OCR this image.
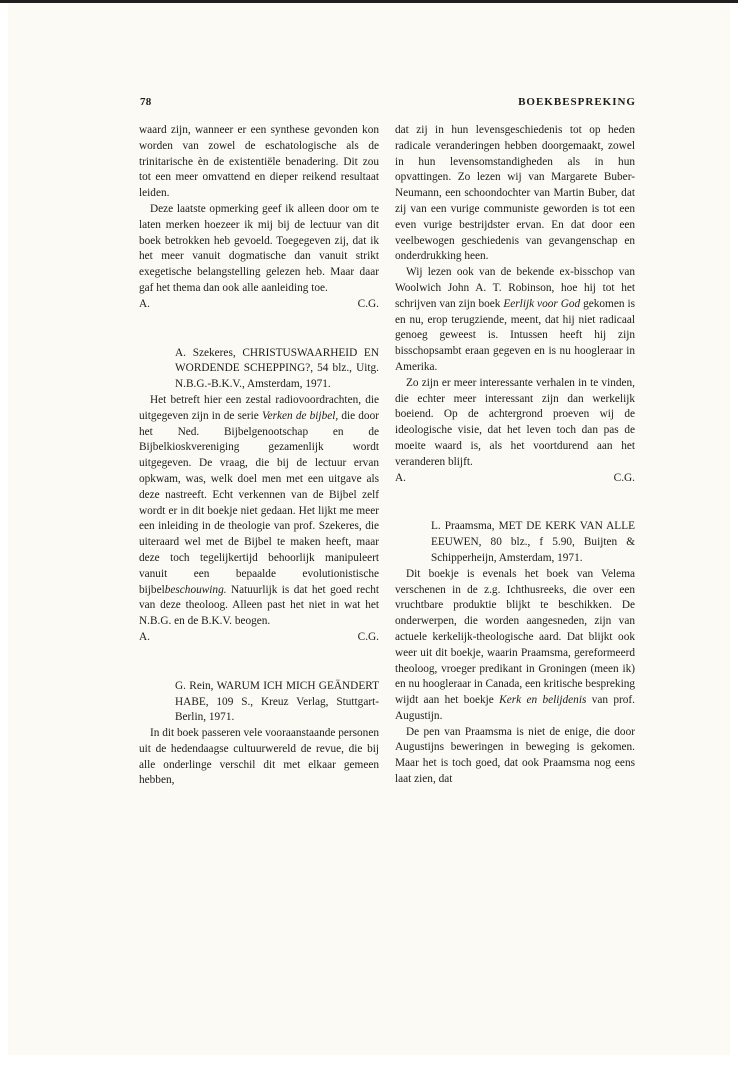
78	BOEKBESPREKING

waard zijn, wanneer er een synthese gevonden kon worden van zowel de eschatologische als de trinitarische èn de existentiële benadering. Dit zou tot een meer omvattend en dieper reikend resultaat leiden.

Deze laatste opmerking geef ik alleen door om te laten merken hoezeer ik mij bij de lectuur van dit boek betrokken heb gevoeld. Toegegeven zij, dat ik het meer vanuit dogmatische dan vanuit strikt exegetische belangstelling gelezen heb. Maar daar gaf het thema dan ook alle aanleiding toe.

A.	C.G.

A. Szekeres, CHRISTUSWAARHEID EN WORDENDE SCHEPPING?, 54 blz., Uitg. N.B.G.-B.K.V., Amsterdam, 1971.

Het betreft hier een zestal radiovoordrachten, die uitgegeven zijn in de serie Verken de bijbel, die door het Ned. Bijbelgenootschap en de Bijbelkioskvereniging gezamenlijk wordt uitgegeven. De vraag, die bij de lectuur ervan opkwam, was, welk doel men met een uitgave als deze nastreeft. Echt verkennen van de Bijbel zelf wordt er in dit boekje niet gedaan. Het lijkt me meer een inleiding in de theologie van prof. Szekeres, die uiteraard wel met de Bijbel te maken heeft, maar deze toch tegelijkertijd behoorlijk manipuleert vanuit een bepaalde evolutionistische bijbelbeschouwing. Natuurlijk is dat het goed recht van deze theoloog. Alleen past het niet in wat het N.B.G. en de B.K.V. beogen.

A.	C.G.

G. Rein, WARUM ICH MICH GEÄNDERT HABE, 109 S., Kreuz Verlag, Stuttgart-Berlin, 1971.

In dit boek passeren vele vooraanstaande personen uit de hedendaagse cultuurwereld de revue, die bij alle onderlinge verschil dit met elkaar gemeen hebben,

dat zij in hun levensgeschiedenis tot op heden radicale veranderingen hebben doorgemaakt, zowel in hun levensomstandigheden als in hun opvattingen. Zo lezen wij van Margarete Buber-Neumann, een schoondochter van Martin Buber, dat zij van een vurige communiste geworden is tot een even vurige bestrijdster ervan. En dat door een veelbewogen geschiedenis van gevangenschap en onderdrukking heen.

Wij lezen ook van de bekende ex-bisschop van Woolwich John A. T. Robinson, hoe hij tot het schrijven van zijn boek Eerlijk voor God gekomen is en nu, erop terugziende, meent, dat hij niet radicaal genoeg geweest is. Intussen heeft hij zijn bisschopsambt eraan gegeven en is nu hoogleraar in Amerika.

Zo zijn er meer interessante verhalen in te vinden, die echter meer interessant zijn dan werkelijk boeiend. Op de achtergrond proeven wij de ideologische visie, dat het leven toch dan pas de moeite waard is, als het voortdurend aan het veranderen blijft.

A.	C.G.

L. Praamsma, MET DE KERK VAN ALLE EEUWEN, 80 blz., f 5.90, Buijten & Schipperheijn, Amsterdam, 1971.

Dit boekje is evenals het boek van Velema verschenen in de z.g. Ichthusreeks, die over een vruchtbare produktie blijkt te beschikken. De onderwerpen, die worden aangesneden, zijn van actuele kerkelijk-theologische aard. Dat blijkt ook weer uit dit boekje, waarin Praamsma, gereformeerd theoloog, vroeger predikant in Groningen (meen ik) en nu hoogleraar in Canada, een kritische bespreking wijdt aan het boekje Kerk en belijdenis van prof. Augustijn.

De pen van Praamsma is niet de enige, die door Augustijns beweringen in beweging is gekomen. Maar het is toch goed, dat ook Praamsma nog eens laat zien, dat
